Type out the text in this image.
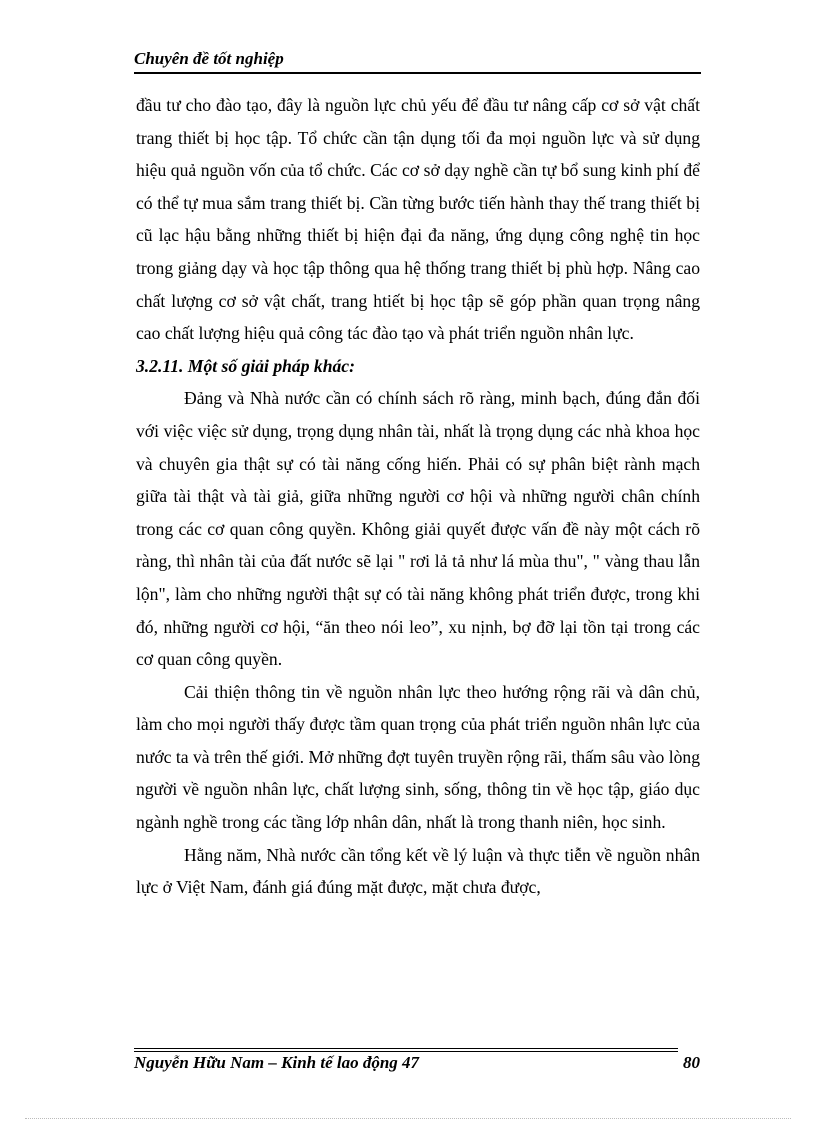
Chuyên đề tốt nghiệp

đầu tư cho đào tạo, đây là nguồn lực chủ yếu để đầu tư nâng cấp cơ sở vật chất trang thiết bị học tập. Tổ chức cần tận dụng tối đa mọi nguồn lực và sử dụng hiệu quả nguồn vốn của tổ chức. Các cơ sở dạy nghề cần tự bổ sung kinh phí để có thể tự mua sắm trang thiết bị. Cần từng bước tiến hành thay thế trang thiết bị cũ lạc hậu bằng những thiết bị hiện đại đa năng, ứng dụng công nghệ tin học trong giảng dạy và học tập thông qua hệ thống trang thiết bị phù hợp. Nâng cao chất lượng cơ sở vật chất, trang htiết bị học tập sẽ góp phần quan trọng nâng cao chất lượng hiệu quả công tác đào tạo và phát triển nguồn nhân lực.

3.2.11. Một số giải pháp khác:

Đảng và Nhà nước cần có chính sách rõ ràng, minh bạch, đúng đắn đối với việc việc sử dụng, trọng dụng nhân tài, nhất là trọng dụng các nhà khoa học và chuyên gia thật sự có tài năng cống hiến. Phải có sự phân biệt rành mạch giữa tài thật và tài giả, giữa những người cơ hội và những người chân chính trong các cơ quan công quyền. Không giải quyết được vấn đề này một cách rõ ràng, thì nhân tài của đất nước sẽ lại " rơi lả tả như lá mùa thu", " vàng thau lẫn lộn", làm cho những người thật sự có tài năng không phát triển được, trong khi đó, những người cơ hội, “ăn theo nói leo”, xu nịnh, bợ đỡ lại tồn tại trong các cơ quan công quyền.

Cải thiện thông tin về nguồn nhân lực theo hướng rộng rãi và dân chủ, làm cho mọi người thấy được tầm quan trọng của phát triển nguồn nhân lực của nước ta và trên thế giới. Mở những đợt tuyên truyền rộng rãi, thấm sâu vào lòng người về nguồn nhân lực, chất lượng sinh, sống, thông tin về học tập, giáo dục ngành nghề trong các tầng lớp nhân dân, nhất là trong thanh niên, học sinh.

Hằng năm, Nhà nước cần tổng kết về lý luận và thực tiễn về nguồn nhân lực ở Việt Nam, đánh giá đúng mặt được, mặt chưa được,

Nguyễn Hữu Nam – Kinh tế lao động 47	80
